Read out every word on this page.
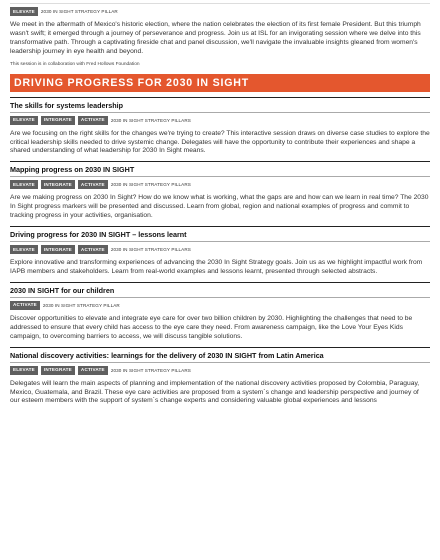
ELEVATE	2030 IN SIGHT STRATEGY PILLAR

We meet in the aftermath of Mexico's historic election, where the nation celebrates the election of its first female President. But this triumph wasn't swift; it emerged through a journey of perseverance and progress. Join us at ISL for an invigorating session where we delve into this transformative path. Through a captivating fireside chat and panel discussion, we'll navigate the invaluable insights gleaned from women's leadership journey in eye health and beyond.

This session is in collaboration with Fred Hollows Foundation
DRIVING PROGRESS FOR 2030 IN SIGHT
The skills for systems leadership
ELEVATE	INTEGRATE	ACTIVATE	2030 IN SIGHT STRATEGY PILLARS

Are we focusing on the right skills for the changes we're trying to create? This interactive session draws on diverse case studies to explore the critical leadership skills needed to drive systemic change. Delegates will have the opportunity to contribute their experiences and shape a shared understanding of what leadership for 2030 In Sight means.

Mapping progress on 2030 IN SIGHT
ELEVATE	INTEGRATE	ACTIVATE	2030 IN SIGHT STRATEGY PILLARS

Are we making progress on 2030 In Sight? How do we know what is working, what the gaps are and how can we learn in real time? The 2030 In Sight progress markers will be presented and discussed. Learn from global, region and national examples of progress and commit to tracking progress in your activities, organisation.

Driving progress for 2030 IN SIGHT – lessons learnt
ELEVATE	INTEGRATE	ACTIVATE	2030 IN SIGHT STRATEGY PILLARS

Explore innovative and transforming experiences of advancing the 2030 In Sight Strategy goals. Join us as we highlight impactful work from IAPB members and stakeholders. Learn from real-world examples and lessons learnt, presented through selected abstracts.

2030 IN SIGHT for our children
ACTIVATE	2030 IN SIGHT STRATEGY PILLAR

Discover opportunities to elevate and integrate eye care for over two billion children by 2030. Highlighting the challenges that need to be addressed to ensure that every child has access to the eye care they need. From awareness campaign, like the Love Your Eyes Kids campaign, to overcoming barriers to access, we will discuss tangible solutions.

National discovery activities: learnings for the delivery of 2030 IN SIGHT from Latin America
ELEVATE	INTEGRATE	ACTIVATE	2030 IN SIGHT STRATEGY PILLARS

Delegates will learn the main aspects of planning and implementation of the national discovery activities proposed by Colombia, Paraguay, Mexico, Guatemala, and Brazil. These eye care activities are proposed from a system´s change and leadership perspective and journey of our esteem members with the support of system´s change experts and considering valuable global experiences and lessons
